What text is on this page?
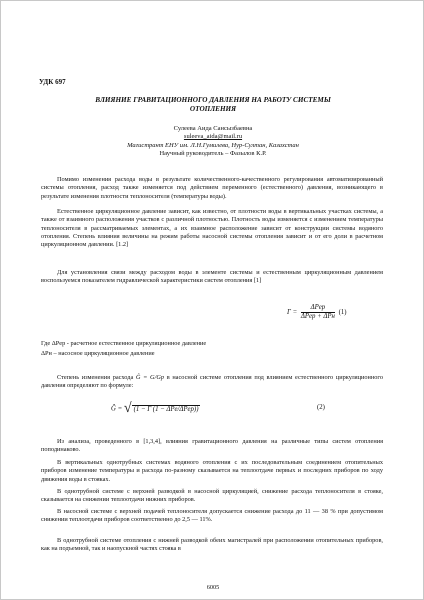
УДК 697
ВЛИЯНИЕ ГРАВИТАЦИОННОГО ДАВЛЕНИЯ НА РАБОТУ СИСТЕМЫ
ОТОПЛЕНИЯ
Сулеева Аида Сансызбаевна
suleeva_aida@mail.ru
Магистрант ЕНУ им. Л.Н.Гумилева, Нур-Султан, Казахстан
Научный руководитель – Фазылов К.Р.
Помимо изменения расхода воды в результате количественного-качественного регулирования автоматизированный системы отопления, расход также изменяется под действием переменного (естественного) давления, возникающего в результате изменения плотности теплоносителя (температуры воды).
Естественное циркуляционное давление зависит, как известно, от плотности воды в вертикальных участках системы, а также от взаимного расположения участков с различной плотностью. Плотность воды изменяется с изменением температуры теплоносителя в рассматриваемых элементах, а их взаимное расположение зависит от конструкции системы водяного отопления. Степень влияния величины на режим работы насосной системы отопления зависит и от его доли в расчетном циркуляционном давлении. [1.2]
Для установления связи между расходом воды в элементе системы и естественным циркуляционным давлением воспользуемся показателем гидравлической характеристики систем отопления [1]
$\Gamma = \frac{\text{ΔPеp}}{\text{ΔPеp + ΔPн}} (1)$
Где ΔPеp - расчетное естественное циркуляционное давление
ΔPн – насосное циркуляционное давление
Степень изменения расхода Ĝ = G/Gр в насосной системе отопления под влиянием естественного циркуляционного давления определяют по формуле:
Ĝ = √ (1 − Γ (1 − ΔPе/ΔPеp))	(2)
Из анализа, проведенного в [1,3,4], влияния гравитационного давления на различные типы систем отопления поподинаково.
В вертикальных однотрубных системах водяного отопления с их последовательным соединением отопительных приборов изменение температуры и расхода по-разному сказывается на теплоотдаче первых и последних приборов по ходу движения воды в стояках.
В однотрубной системе с верхней разводкой в насосной циркуляцией, снижение расхода теплоносителя в стояке, сказывается на снижении теплоотдачи нижних приборов.
В насосной системе с верхней подачей теплоносителя допускается снижение расхода до 11 — 38 % при допустимом снижении теплоотдачи приборов соответственно до 2,5 — 11%.
В однотрубной системе отопления с нижней разводкой обеих магистралей при расположении отопительных приборов, как на подъемной, так и наопускной частях стояка в
6005
